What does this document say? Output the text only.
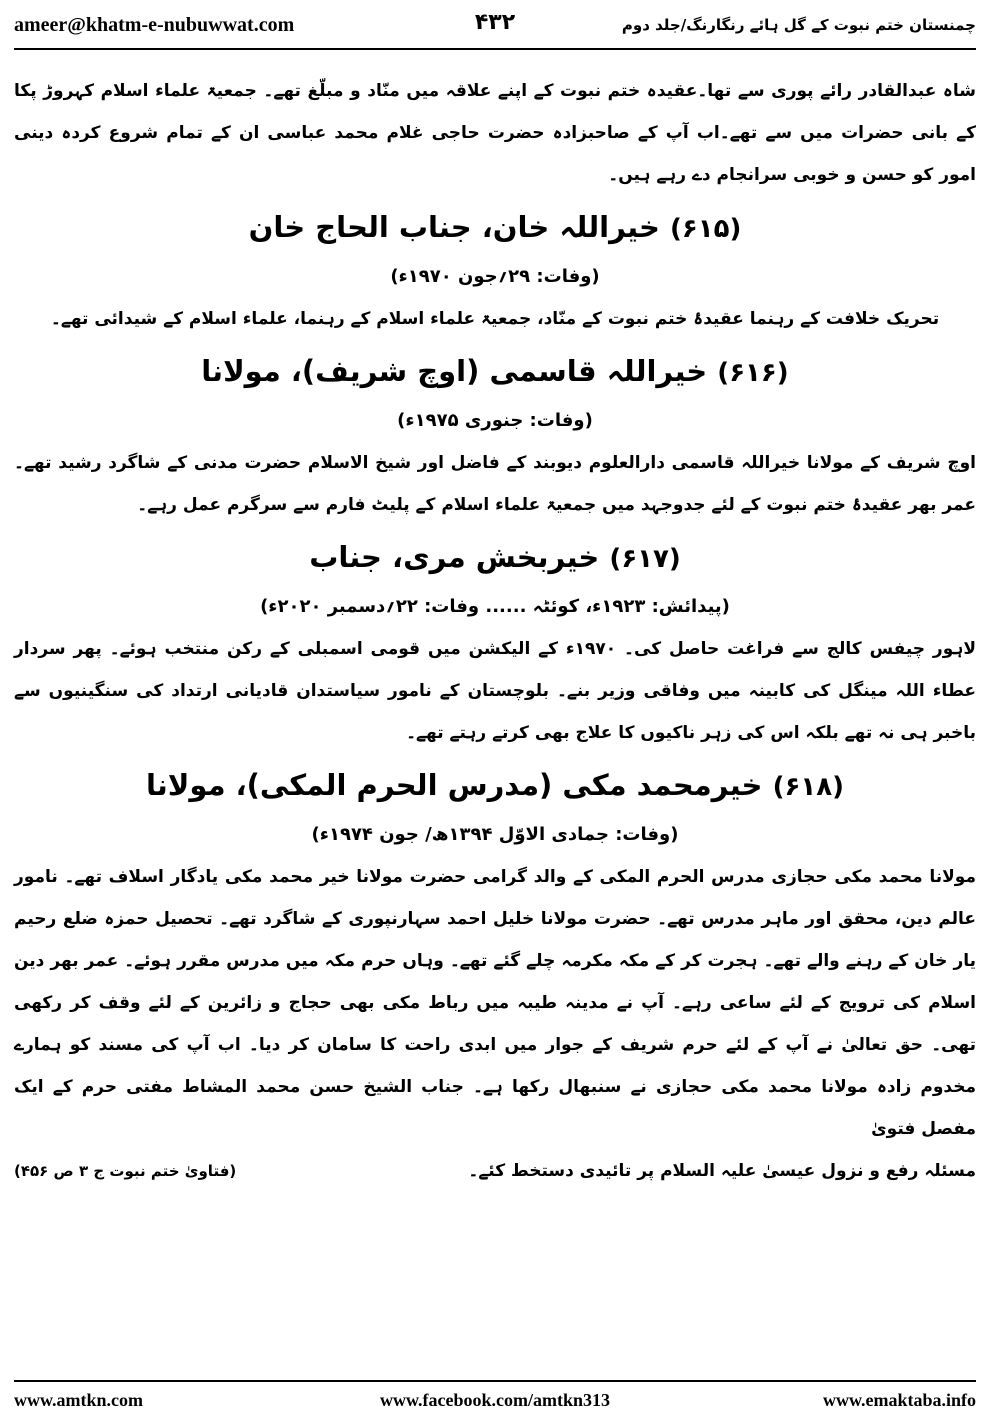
ameer@khatm-e-nubuwwat.com	۴۳۲	چمنستان ختم نبوت کے گل ہائے رنگارنگ/جلد دوم

شاہ عبدالقادر رائے پوری سے تھا۔عقیدہ ختم نبوت کے اپنے علاقہ میں منّاد و مبلّغ تھے۔ جمعیۃ علماء اسلام کہروڑ پکا کے بانی حضرات میں سے تھے۔اب آپ کے صاحبزادہ حضرت حاجی غلام محمد عباسی ان کے تمام شروع کردہ دینی امور کو حسن و خوبی سرانجام دے رہے ہیں۔

(۶۱۵) خیراللہ خان، جناب الحاج خان

(وفات: ۲۹؍جون ۱۹۷۰ء)

تحریک خلافت کے رہنما عقیدۂ ختم نبوت کے منّاد، جمعیۃ علماء اسلام کے رہنما، علماء اسلام کے شیدائی تھے۔

(۶۱۶) خیراللہ قاسمی (اوچ شریف)، مولانا

(وفات: جنوری ۱۹۷۵ء)

اوچ شریف کے مولانا خیراللہ قاسمی دارالعلوم دیوبند کے فاضل اور شیخ الاسلام حضرت مدنی کے شاگرد رشید تھے۔ عمر بھر عقیدۂ ختم نبوت کے لئے جدوجہد میں جمعیۃ علماء اسلام کے پلیٹ فارم سے سرگرم عمل رہے۔

(۶۱۷) خیربخش مری، جناب

(پیدائش: ۱۹۲۳ء، کوئٹہ ...... وفات: ۲۲؍دسمبر ۲۰۲۰ء)

لاہور چیفس کالج سے فراغت حاصل کی۔ ۱۹۷۰ء کے الیکشن میں قومی اسمبلی کے رکن منتخب ہوئے۔ پھر سردار عطاء اللہ مینگل کی کابینہ میں وفاقی وزیر بنے۔ بلوچستان کے نامور سیاستدان قادیانی ارتداد کی سنگینیوں سے باخبر ہی نہ تھے بلکہ اس کی زہر ناکیوں کا علاج بھی کرتے رہتے تھے۔

(۶۱۸) خیرمحمد مکی (مدرس الحرم المکی)، مولانا

(وفات: جمادی الاوّل ۱۳۹۴ھ/ جون ۱۹۷۴ء)

مولانا محمد مکی حجازی مدرس الحرم المکی کے والد گرامی حضرت مولانا خیر محمد مکی یادگار اسلاف تھے۔ نامور عالم دین، محقق اور ماہر مدرس تھے۔ حضرت مولانا خلیل احمد سہارنپوری کے شاگرد تھے۔ تحصیل حمزہ ضلع رحیم یار خان کے رہنے والے تھے۔ ہجرت کر کے مکہ مکرمہ چلے گئے تھے۔ وہاں حرم مکہ میں مدرس مقرر ہوئے۔ عمر بھر دین اسلام کی ترویج کے لئے ساعی رہے۔ آپ نے مدینہ طیبہ میں رباط مکی بھی حجاج و زائرین کے لئے وقف کر رکھی تھی۔ حق تعالیٰ نے آپ کے لئے حرم شریف کے جوار میں ابدی راحت کا سامان کر دیا۔ اب آپ کی مسند کو ہمارے مخدوم زادہ مولانا محمد مکی حجازی نے سنبھال رکھا ہے۔ جناب الشیخ حسن محمد المشاط مفتی حرم کے ایک مفصل فتویٰ

مسئلہ رفع و نزول عیسیٰ علیہ السلام پر تائیدی دستخط کئے۔
(فتاویٰ ختم نبوت ج ۳ ص ۴۵۶)
www.amtkn.com	www.facebook.com/amtkn313	www.emaktaba.info
